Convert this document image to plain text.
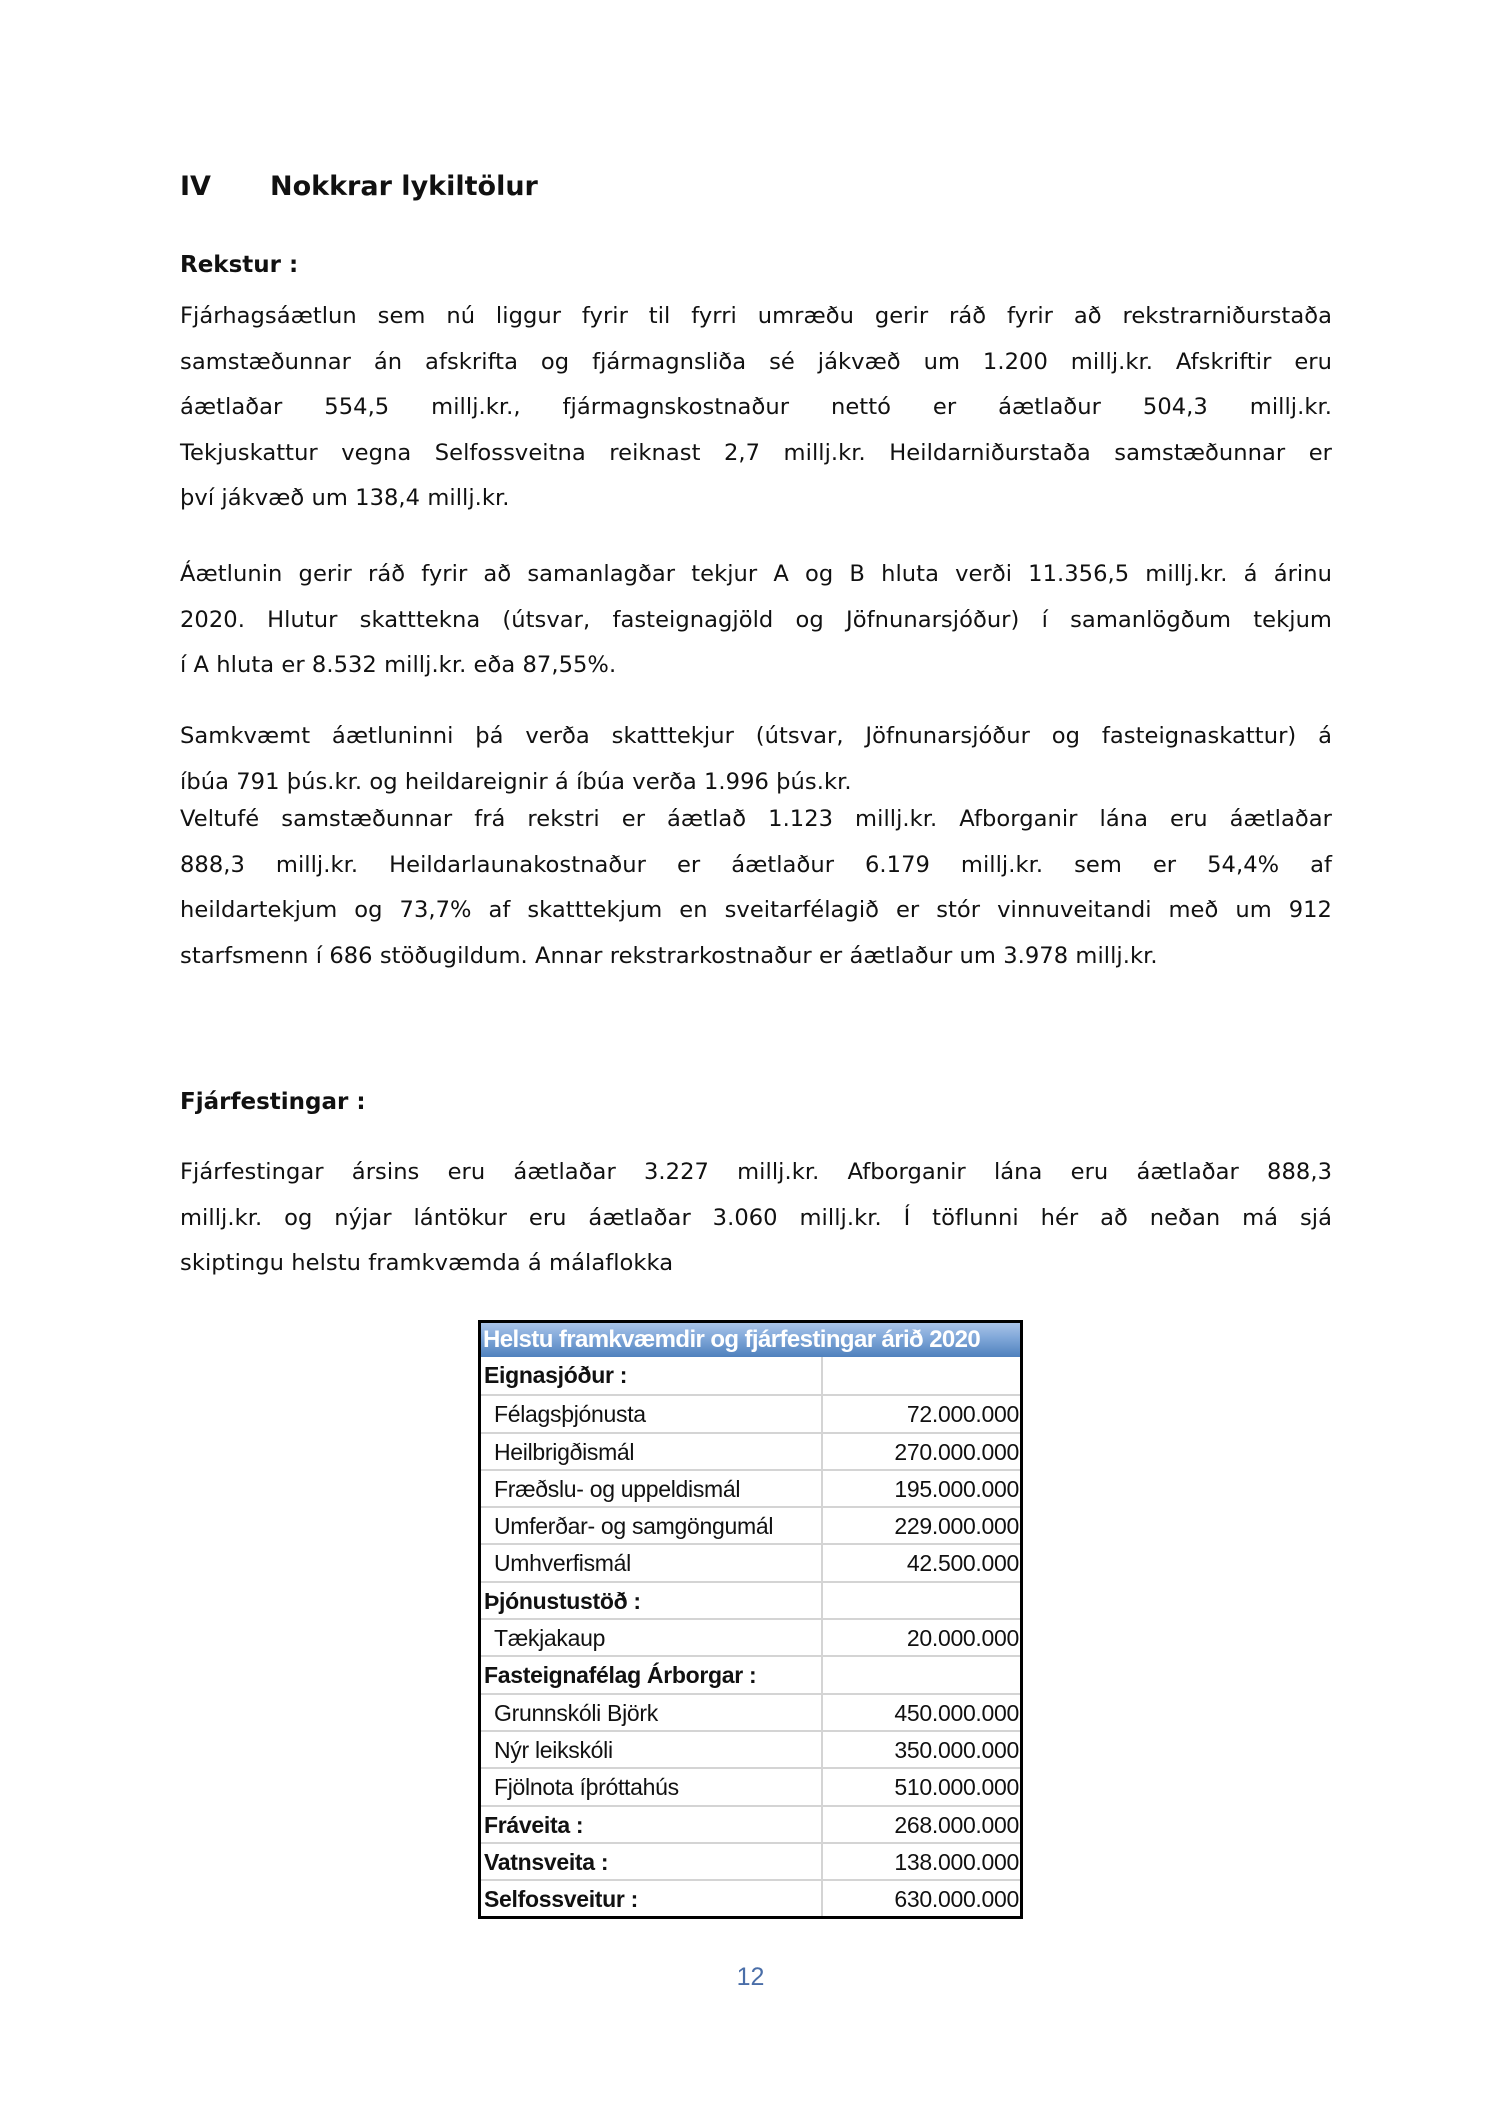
IV Nokkrar lykiltölur
Rekstur :

Fjárhagsáætlun sem nú liggur fyrir til fyrri umræðu gerir ráð fyrir að rekstrarniðurstaða
samstæðunnar án afskrifta og fjármagnsliða sé jákvæð um 1.200 millj.kr. Afskriftir eru
áætlaðar 554,5 millj.kr., fjármagnskostnaður nettó er áætlaður 504,3 millj.kr.
Tekjuskattur vegna Selfossveitna reiknast 2,7 millj.kr. Heildarniðurstaða samstæðunnar er
því jákvæð um 138,4 millj.kr.

Áætlunin gerir ráð fyrir að samanlagðar tekjur A og B hluta verði 11.356,5 millj.kr. á árinu
2020. Hlutur skatttekna (útsvar, fasteignagjöld og Jöfnunarsjóður) í samanlögðum tekjum
í A hluta er 8.532 millj.kr. eða 87,55%.

Samkvæmt áætluninni þá verða skatttekjur (útsvar, Jöfnunarsjóður og fasteignaskattur) á
íbúa 791 þús.kr. og heildareignir á íbúa verða 1.996 þús.kr.

Veltufé samstæðunnar frá rekstri er áætlað 1.123 millj.kr. Afborganir lána eru áætlaðar
888,3 millj.kr. Heildarlaunakostnaður er áætlaður 6.179 millj.kr. sem er 54,4% af
heildartekjum og 73,7% af skatttekjum en sveitarfélagið er stór vinnuveitandi með um 912
starfsmenn í 686 stöðugildum. Annar rekstrarkostnaður er áætlaður um 3.978 millj.kr.

Fjárfestingar :

Fjárfestingar ársins eru áætlaðar 3.227 millj.kr. Afborganir lána eru áætlaðar 888,3
millj.kr. og nýjar lántökur eru áætlaðar 3.060 millj.kr. Í töflunni hér að neðan má sjá
skiptingu helstu framkvæmda á málaflokka

Helstu framkvæmdir og fjárfestingar árið 2020
Eignasjóður :
Félagsþjónusta	72.000.000
Heilbrigðismál	270.000.000
Fræðslu- og uppeldismál	195.000.000
Umferðar- og samgöngumál	229.000.000
Umhverfismál	42.500.000
Þjónustustöð :
Tækjakaup	20.000.000
Fasteignafélag Árborgar :
Grunnskóli Björk	450.000.000
Nýr leikskóli	350.000.000
Fjölnota íþróttahús	510.000.000
Fráveita :	268.000.000
Vatnsveita :	138.000.000
Selfossveitur :	630.000.000
12
